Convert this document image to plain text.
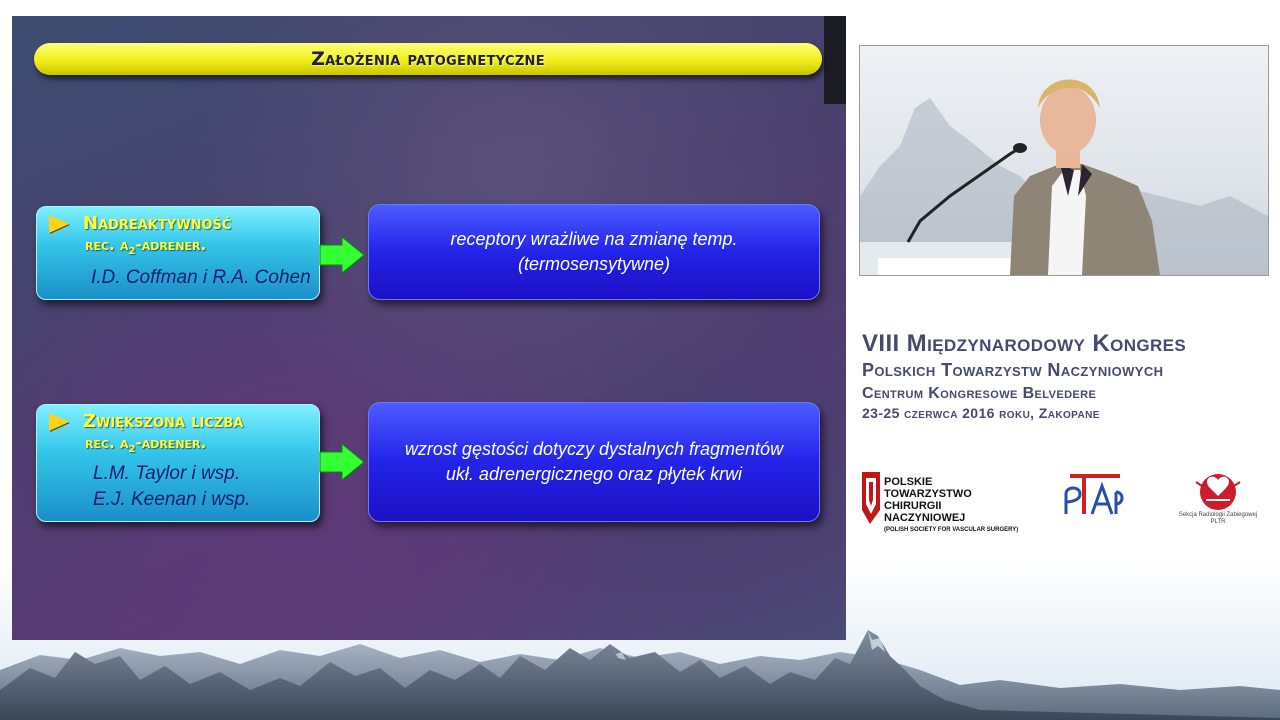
Założenia patogenetyczne
Nadreaktywność
rec. $\alpha_2$-adrener.
I.D. Coffman i R.A. Cohen
receptory wrażliwe na zmianę temp.
(termosensytywne)
Zwiększona liczba
rec. $\alpha_2$-adrener.
L.M. Taylor i wsp.
E.J. Keenan i wsp.
wzrost gęstości dotyczy dystalnych fragmentów
ukł. adrenergicznego oraz płytek krwi
VIII Międzynarodowy Kongres
Polskich Towarzystw Naczyniowych
Centrum Kongresowe Belvedere
23-25 czerwca 2016 roku, Zakopane
POLSKIE TOWARZYSTWO
CHIRURGII NACZYNIOWEJ
(POLISH SOCIETY FOR VASCULAR SURGERY)
Sekcja Radiologii Zabiegowej
PLTR
